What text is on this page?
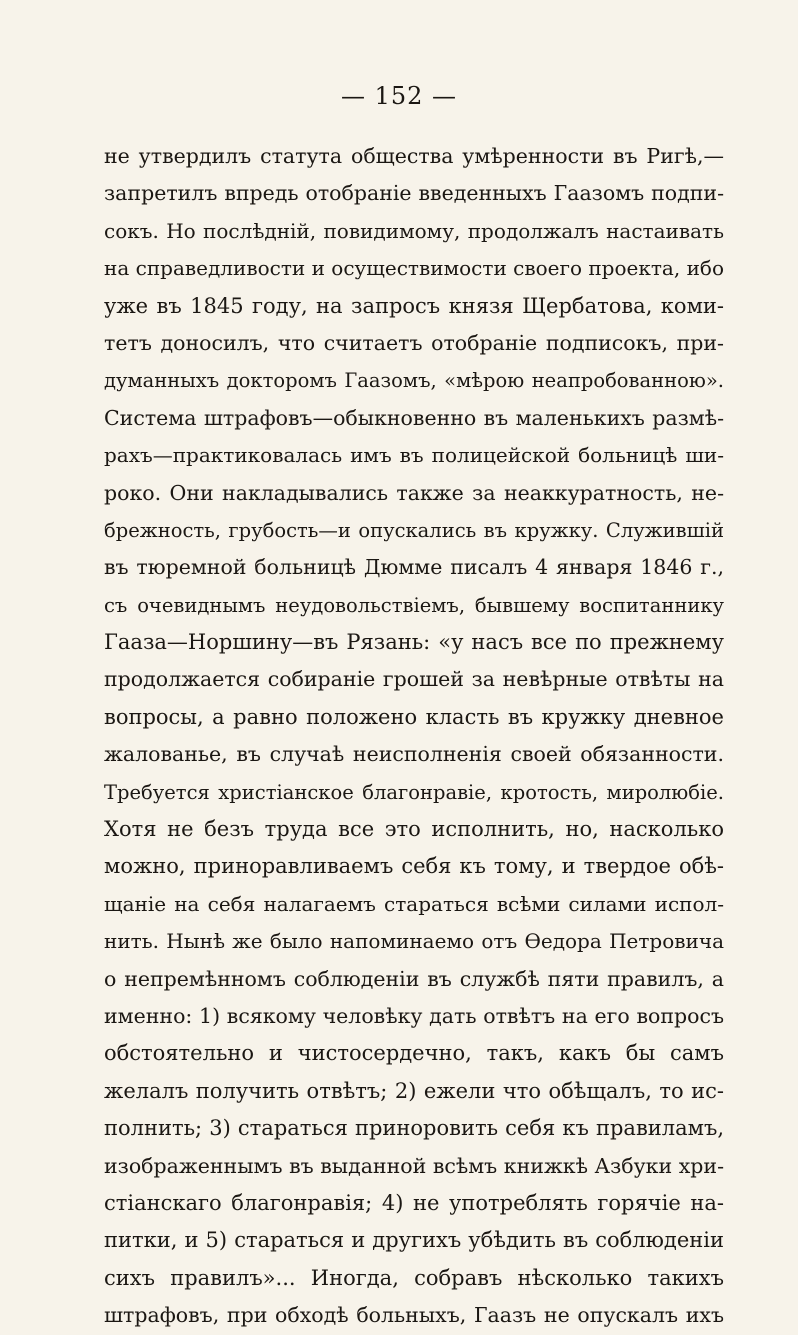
— 152 —
не утвердилъ статута общества умѣренности въ Ригѣ,—
запретилъ впредь отобраніе введенныхъ Гаазомъ подпи-
сокъ. Но послѣдній, повидимому, продолжалъ настаивать
на справедливости и осуществимости своего проекта, ибо
уже въ 1845 году, на запросъ князя Щербатова, коми-
тетъ доносилъ, что считаетъ отобраніе подписокъ, при-
думанныхъ докторомъ Гаазомъ, «мѣрою неапробованною».
Система штрафовъ—обыкновенно въ маленькихъ размѣ-
рахъ—практиковалась имъ въ полицейской больницѣ ши-
роко. Они накладывались также за неаккуратность, не-
брежность, грубость—и опускались въ кружку. Служившій
въ тюремной больницѣ Дюмме писалъ 4 января 1846 г.,
съ очевиднымъ неудовольствіемъ, бывшему воспитаннику
Гааза—Норшину—въ Рязань: «у насъ все по прежнему
продолжается собираніе грошей за невѣрные отвѣты на
вопросы, а равно положено класть въ кружку дневное
жалованье, въ случаѣ неисполненія своей обязанности.
Требуется христіанское благонравіе, кротость, миролюбіе.
Хотя не безъ труда все это исполнить, но, насколько
можно, приноравливаемъ себя къ тому, и твердое обѣ-
щаніе на себя налагаемъ стараться всѣми силами испол-
нить. Нынѣ же было напоминаемо отъ Ѳедора Петровича
о непремѣнномъ соблюденіи въ службѣ пяти правилъ, а
именно: 1) всякому человѣку дать отвѣтъ на его вопросъ
обстоятельно и чистосердечно, такъ, какъ бы самъ
желалъ получить отвѣтъ; 2) ежели что обѣщалъ, то ис-
полнить; 3) стараться приноровить себя къ правиламъ,
изображеннымъ въ выданной всѣмъ книжкѣ Азбуки хри-
стіанскаго благонравія; 4) не употреблять горячіе на-
питки, и 5) стараться и другихъ убѣдить въ соблюденіи
сихъ правилъ»... Иногда, собравъ нѣсколько такихъ
штрафовъ, при обходѣ больныхъ, Гаазъ не опускалъ ихъ
